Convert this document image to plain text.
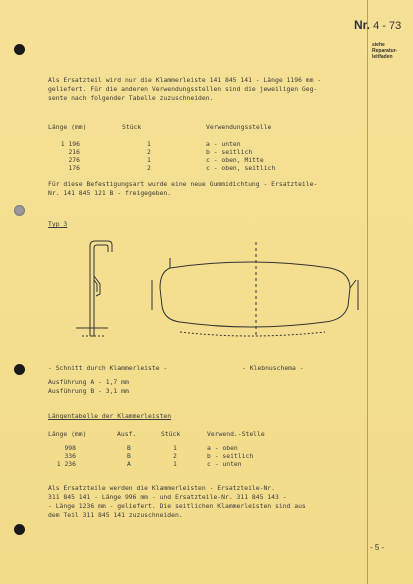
Nr. 4 - 73
siehe
Reparatur-
leitfaden
Als Ersatzteil wird nur die Klammerleiste 141 845 141 - Länge 1196 mm -
geliefert. Für die anderen Verwendungsstellen sind die jeweiligen Geg-
sente nach folgender Tabelle zuzuschneiden.
Länge (mm)	Stück	Verwendungsstelle
1 196	1	a - unten
216	2	b - seitlich
276	1	c - oben, Mitte
176	2	c - oben, seitlich
Für diese Befestigungsart wurde eine neue Gummidichtung - Ersatzteile-
Nr. 141 845 121 B - freigegeben.
Typ 3
- Schnitt durch Klammerleiste -	- Klebnuschema -
Ausführung A - 1,7 mm
Ausführung B - 3,1 mm
Längentabelle der Klammerleisten
Länge (mm)	Ausf.	Stück	Verwend.-Stelle
998	B	1	a - oben
336	B	2	b - seitlich
1 236	A	1	c - unten
Als Ersatzteile werden die Klammerleisten - Ersatzteile-Nr.
311 845 141 - Länge 996 mm - und Ersatzteile-Nr. 311 845 143 -
- Länge 1236 mm - geliefert. Die seitlichen Klammerleisten sind aus
dem Teil 311 845 141 zuzuschneiden.
- 5 -
